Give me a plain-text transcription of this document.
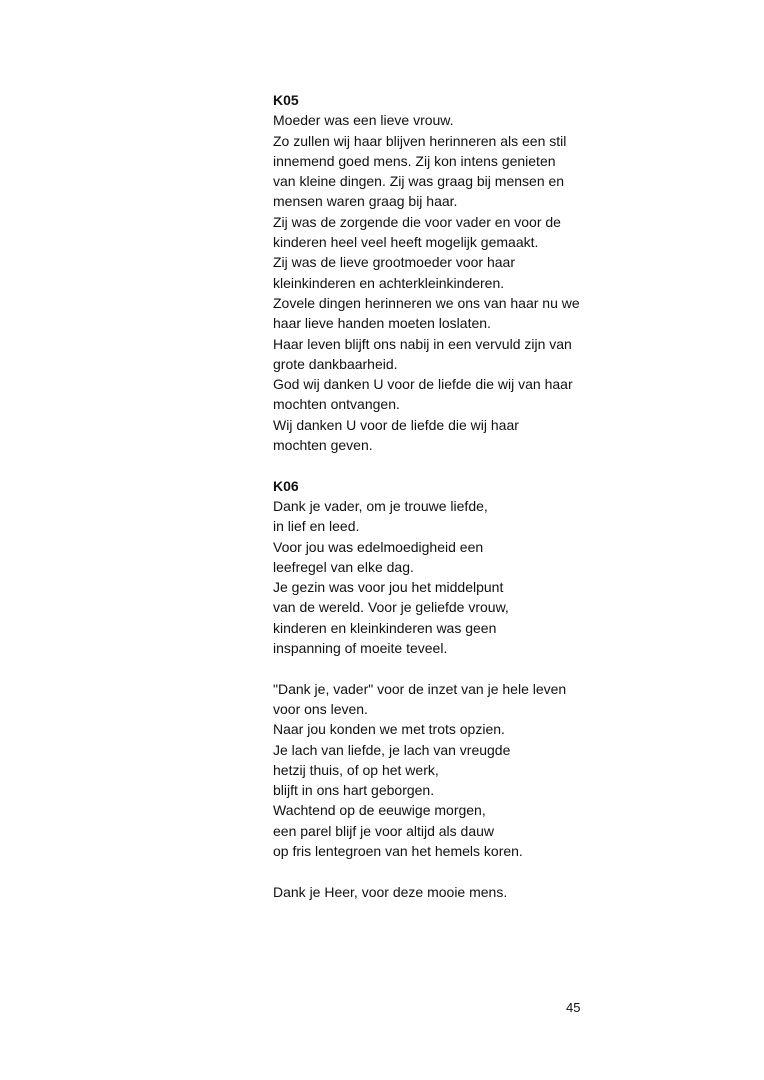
K05
Moeder was een lieve vrouw.
Zo zullen wij haar blijven herinneren als een stil
innemend goed mens. Zij kon intens genieten
van kleine dingen. Zij was graag bij mensen en
mensen waren graag bij haar.
Zij was de zorgende die voor vader en voor de
kinderen heel veel heeft mogelijk gemaakt.
Zij was de lieve grootmoeder voor haar
kleinkinderen en achterkleinkinderen.
Zovele dingen herinneren we ons van haar nu we
haar lieve handen moeten loslaten.
Haar leven blijft ons nabij in een vervuld zijn van
grote dankbaarheid.
God wij danken U voor de liefde die wij van haar
mochten ontvangen.
Wij danken U voor de liefde die wij haar
mochten geven.
K06
Dank je vader, om je trouwe liefde,
in lief en leed.
Voor jou was edelmoedigheid een
leefregel van elke dag.
Je gezin was voor jou het middelpunt
van de wereld. Voor je geliefde vrouw,
kinderen en kleinkinderen was geen
inspanning of moeite teveel.
"Dank je, vader" voor de inzet van je hele leven
voor ons leven.
Naar jou konden we met trots opzien.
Je lach van liefde, je lach van vreugde
hetzij thuis, of op het werk,
blijft in ons hart geborgen.
Wachtend op de eeuwige morgen,
een parel blijf je voor altijd als dauw
op fris lentegroen van het hemels koren.
Dank je Heer, voor deze mooie mens.
45
